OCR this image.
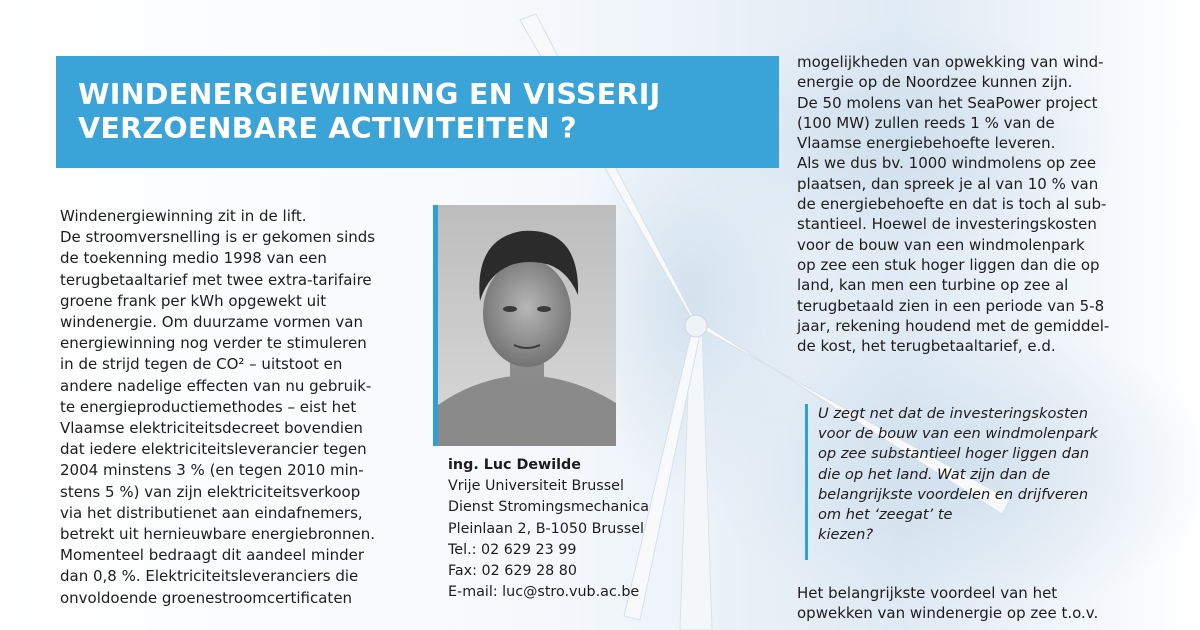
WINDENERGIEWINNING EN VISSERIJ
VERZOENBARE ACTIVITEITEN ?

Windenergiewinning zit in de lift.
De stroomversnelling is er gekomen sinds
de toekenning medio 1998 van een
terugbetaaltarief met twee extra-tarifaire
groene frank per kWh opgewekt uit
windenergie. Om duurzame vormen van
energiewinning nog verder te stimuleren
in de strijd tegen de CO² – uitstoot en
andere nadelige effecten van nu gebruik-
te energieproductiemethodes – eist het
Vlaamse elektriciteitsdecreet bovendien
dat iedere elektriciteitsleverancier tegen
2004 minstens 3 % (en tegen 2010 min-
stens 5 %) van zijn elektriciteitsverkoop
via het distributienet aan eindafnemers,
betrekt uit hernieuwbare energiebronnen.
Momenteel bedraagt dit aandeel minder
dan 0,8 %. Elektriciteitsleveranciers die
onvoldoende groenestroomcertificaten

ing. Luc Dewilde
Vrije Universiteit Brussel
Dienst Stromingsmechanica
Pleinlaan 2, B-1050 Brussel
Tel.: 02 629 23 99
Fax: 02 629 28 80
E-mail: luc@stro.vub.ac.be

mogelijkheden van opwekking van wind-
energie op de Noordzee kunnen zijn.
De 50 molens van het SeaPower project
(100 MW) zullen reeds 1 % van de
Vlaamse energiebehoefte leveren.
Als we dus bv. 1000 windmolens op zee
plaatsen, dan spreek je al van 10 % van
de energiebehoefte en dat is toch al sub-
stantieel. Hoewel de investeringskosten
voor de bouw van een windmolenpark
op zee een stuk hoger liggen dan die op
land, kan men een turbine op zee al
terugbetaald zien in een periode van 5-8
jaar, rekening houdend met de gemiddel-
de kost, het terugbetaaltarief, e.d.

U zegt net dat de investeringskosten
voor de bouw van een windmolenpark
op zee substantieel hoger liggen dan
die op het land. Wat zijn dan de
belangrijkste voordelen en drijfveren
om het ‘zeegat’ te
kiezen?

Het belangrijkste voordeel van het
opwekken van windenergie op zee t.o.v.
